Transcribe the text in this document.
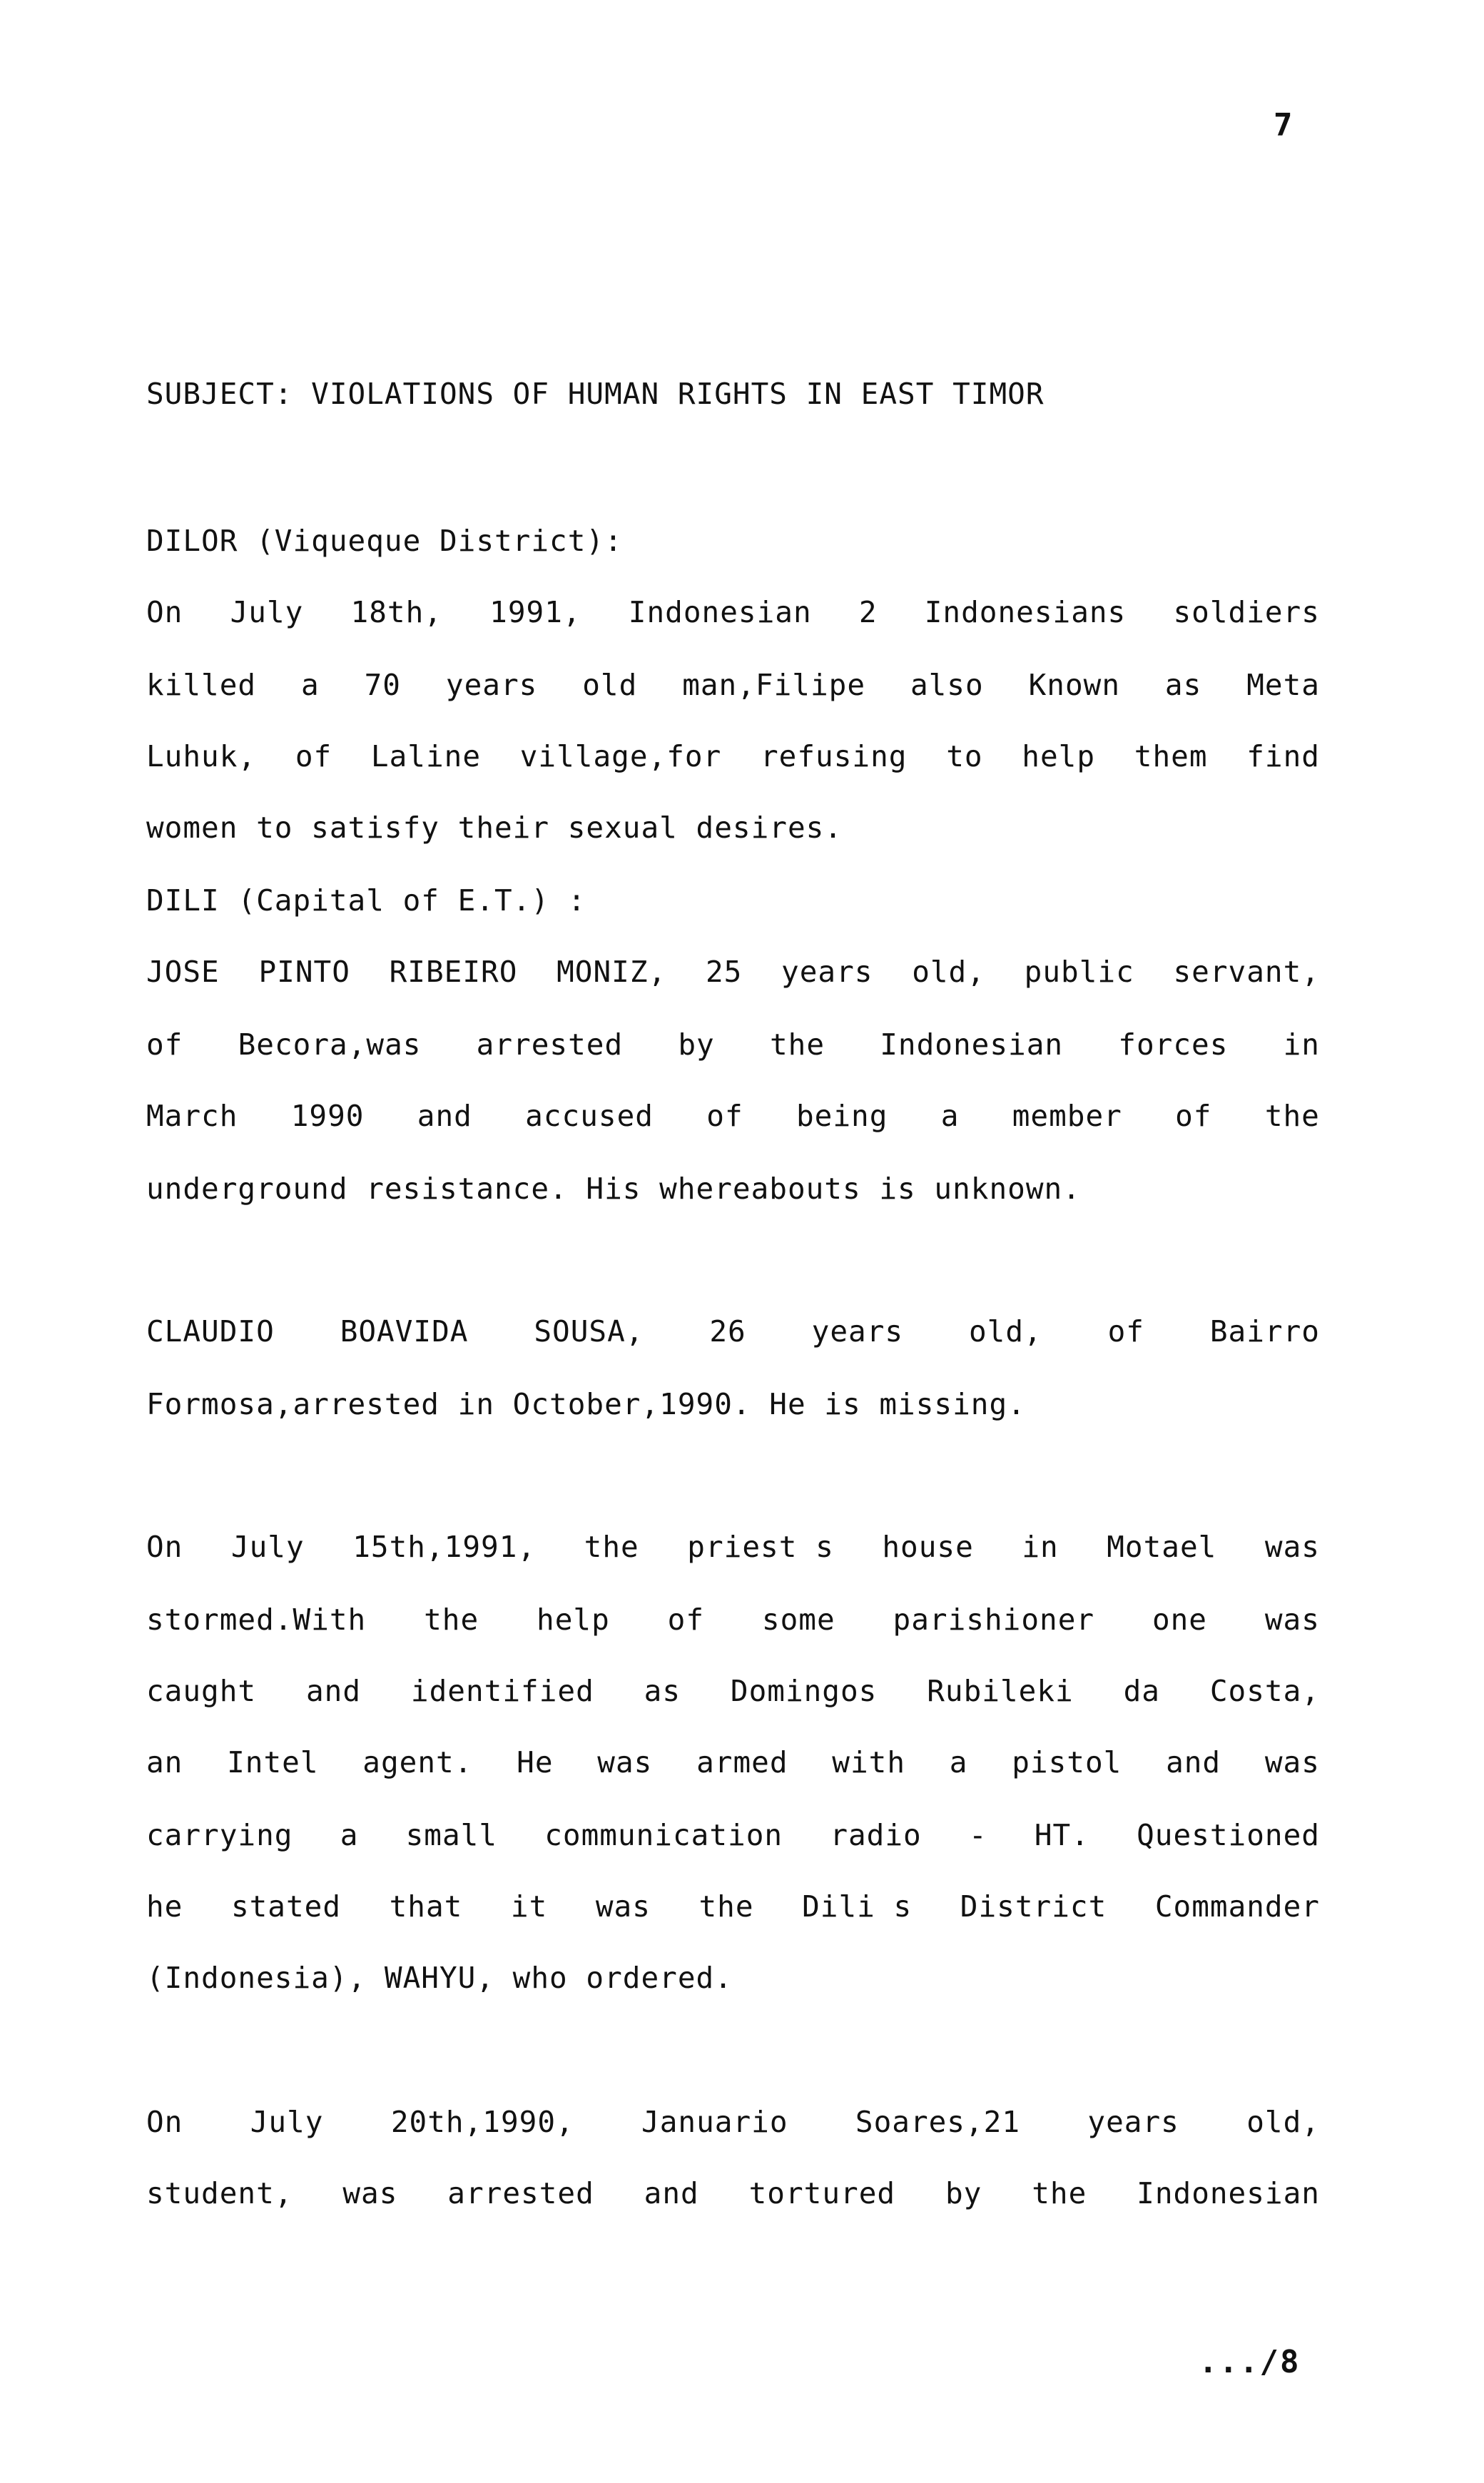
7
SUBJECT: VIOLATIONS OF HUMAN RIGHTS IN EAST TIMOR
DILOR (Viqueque District):
On July 18th, 1991, Indonesian 2 Indonesians soldiers
killed a 70 years old man,Filipe also Known as Meta
Luhuk, of Laline village,for refusing to help them find
women to satisfy their sexual desires.
DILI (Capital of E.T.) :
JOSE PINTO RIBEIRO MONIZ, 25 years old, public servant,
of Becora,was arrested by the Indonesian forces in
March 1990 and accused of being a member of the
underground resistance. His whereabouts is unknown.
CLAUDIO BOAVIDA SOUSA, 26 years old, of Bairro
Formosa,arrested in October,1990. He is missing.
On July 15th,1991, the priest s house in Motael was
stormed.With the help of some parishioner one was
caught and identified as Domingos Rubileki da Costa,
an Intel agent. He was armed with a pistol and was
carrying a small communication radio - HT. Questioned
he stated that it was the Dili s District Commander
(Indonesia), WAHYU, who ordered.
On July 20th,1990, Januario Soares,21 years old,
student, was arrested and tortured by the Indonesian
.../8
